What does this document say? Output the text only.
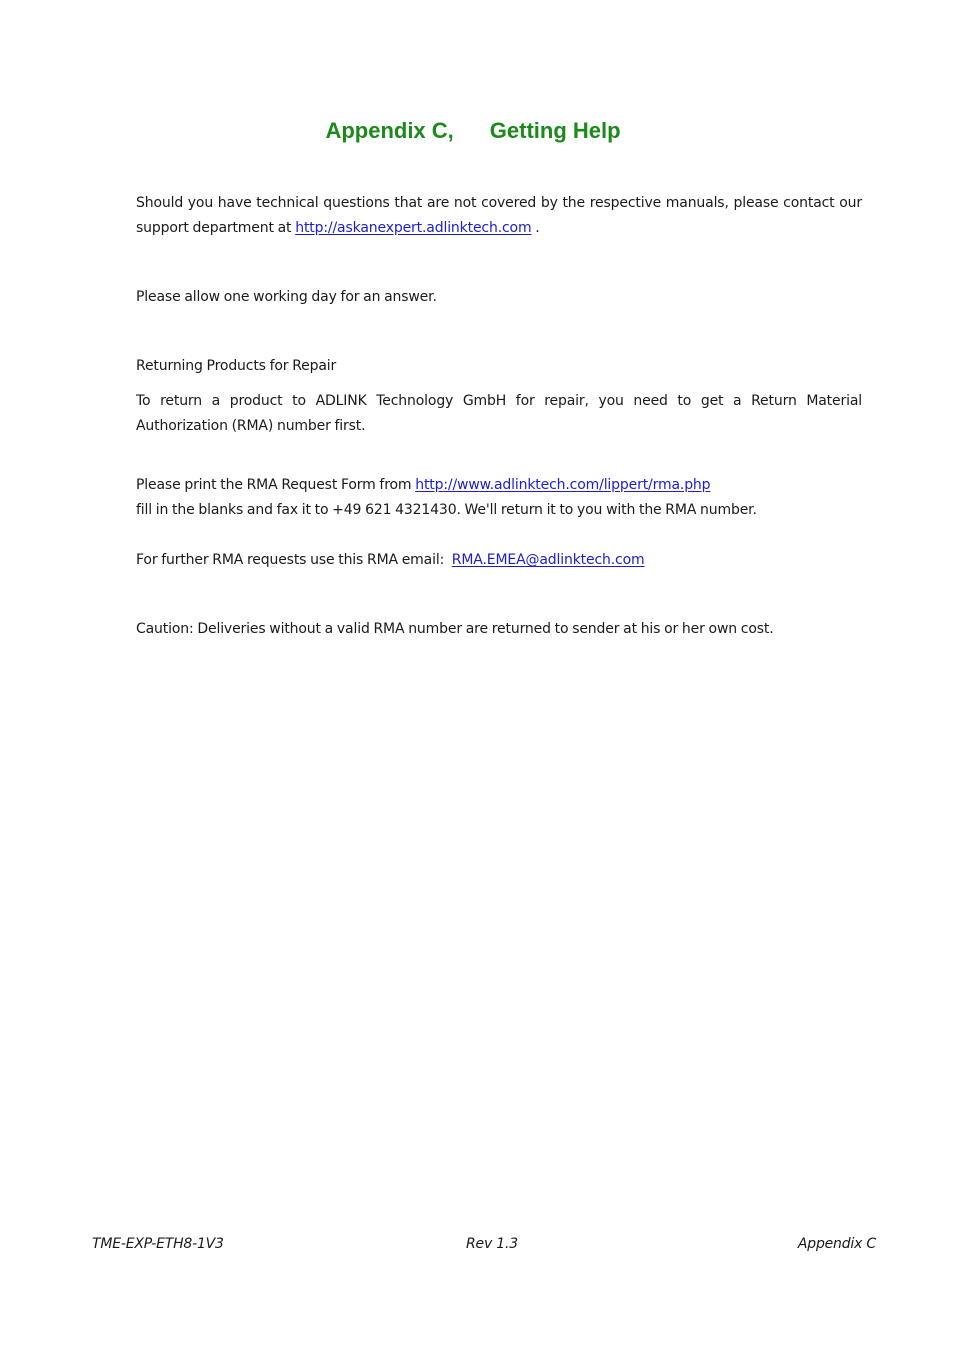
Appendix C, Getting Help
Should you have technical questions that are not covered by the respective manuals, please contact our support department at http://askanexpert.adlinktech.com .
Please allow one working day for an answer.
Returning Products for Repair
To return a product to ADLINK Technology GmbH for repair, you need to get a Return Material Authorization (RMA) number first.
Please print the RMA Request Form from http://www.adlinktech.com/lippert/rma.php
fill in the blanks and fax it to +49 621 4321430. We'll return it to you with the RMA number.
For further RMA requests use this RMA email: RMA.EMEA@adlinktech.com
Caution: Deliveries without a valid RMA number are returned to sender at his or her own cost.
TME-EXP-ETH8-1V3	Rev 1.3	Appendix C
